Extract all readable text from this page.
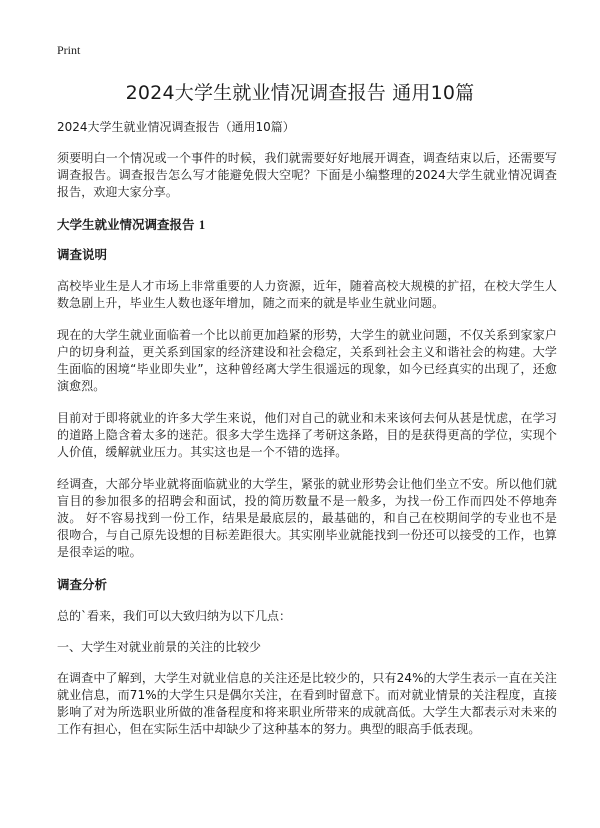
Print
2024大学生就业情况调查报告 通用10篇
2024大学生就业情况调查报告（通用10篇）

须要明白一个情况或一个事件的时候，我们就需要好好地展开调查，调查结束以后，还需要写调查报告。调查报告怎么写才能避免假大空呢？下面是小编整理的2024大学生就业情况调查报告，欢迎大家分享。

大学生就业情况调查报告 1
调查说明

高校毕业生是人才市场上非常重要的人力资源，近年，随着高校大规模的扩招，在校大学生人数急剧上升，毕业生人数也逐年增加，随之而来的就是毕业生就业问题。

现在的大学生就业面临着一个比以前更加趋紧的形势，大学生的就业问题，不仅关系到家家户户的切身利益，更关系到国家的经济建设和社会稳定，关系到社会主义和谐社会的构建。大学生面临的困境“毕业即失业”，这种曾经离大学生很遥远的现象，如今已经真实的出现了，还愈演愈烈。

目前对于即将就业的许多大学生来说，他们对自己的就业和未来该何去何从甚是忧虑，在学习的道路上隐含着太多的迷茫。很多大学生选择了考研这条路，目的是获得更高的学位，实现个人价值，缓解就业压力。其实这也是一个不错的选择。

经调查，大部分毕业就将面临就业的大学生，紧张的就业形势会让他们坐立不安。所以他们就盲目的参加很多的招聘会和面试，投的简历数量不是一般多，为找一份工作而四处不停地奔波。 好不容易找到一份工作，结果是最底层的，最基础的，和自己在校期间学的专业也不是很吻合，与自己原先设想的目标差距很大。其实刚毕业就能找到一份还可以接受的工作，也算是很幸运的啦。

调查分析
总的`看来，我们可以大致归纳为以下几点：
一、大学生对就业前景的关注的比较少

在调查中了解到，大学生对就业信息的关注还是比较少的，只有24%的大学生表示一直在关注就业信息，而71%的大学生只是偶尔关注，在看到时留意下。而对就业情景的关注程度，直接影响了对为所选职业所做的准备程度和将来职业所带来的成就高低。大学生大都表示对未来的工作有担心，但在实际生活中却缺少了这种基本的努力。典型的眼高手低表现。
